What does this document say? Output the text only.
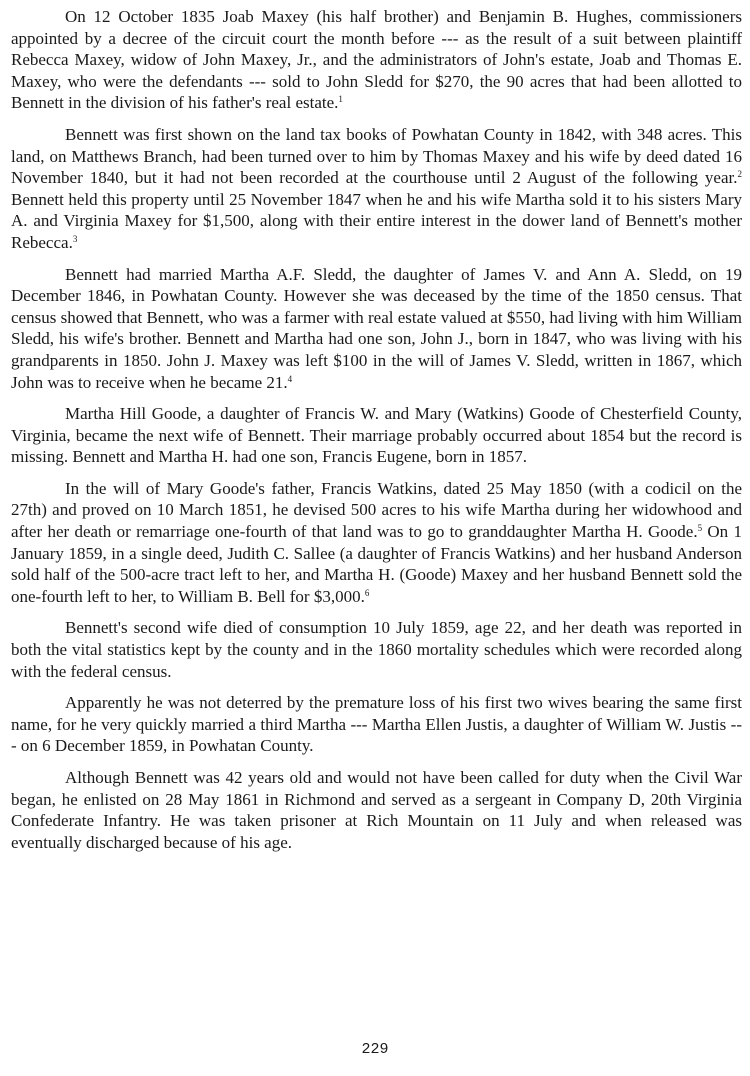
On 12 October 1835 Joab Maxey (his half brother) and Benjamin B. Hughes, commissioners appointed by a decree of the circuit court the month before --- as the result of a suit between plaintiff Rebecca Maxey, widow of John Maxey, Jr., and the administrators of John's estate, Joab and Thomas E. Maxey, who were the defendants --- sold to John Sledd for $270, the 90 acres that had been allotted to Bennett in the division of his father's real estate.$^1$

Bennett was first shown on the land tax books of Powhatan County in 1842, with 348 acres. This land, on Matthews Branch, had been turned over to him by Thomas Maxey and his wife by deed dated 16 November 1840, but it had not been recorded at the courthouse until 2 August of the following year.$^2$ Bennett held this property until 25 November 1847 when he and his wife Martha sold it to his sisters Mary A. and Virginia Maxey for $1,500, along with their entire interest in the dower land of Bennett's mother Rebecca.$^3$

Bennett had married Martha A.F. Sledd, the daughter of James V. and Ann A. Sledd, on 19 December 1846, in Powhatan County. However she was deceased by the time of the 1850 census. That census showed that Bennett, who was a farmer with real estate valued at $550, had living with him William Sledd, his wife's brother. Bennett and Martha had one son, John J., born in 1847, who was living with his grandparents in 1850. John J. Maxey was left $100 in the will of James V. Sledd, written in 1867, which John was to receive when he became 21.$^4$

Martha Hill Goode, a daughter of Francis W. and Mary (Watkins) Goode of Chesterfield County, Virginia, became the next wife of Bennett. Their marriage probably occurred about 1854 but the record is missing. Bennett and Martha H. had one son, Francis Eugene, born in 1857.

In the will of Mary Goode's father, Francis Watkins, dated 25 May 1850 (with a codicil on the 27th) and proved on 10 March 1851, he devised 500 acres to his wife Martha during her widowhood and after her death or remarriage one-fourth of that land was to go to granddaughter Martha H. Goode.$^5$ On 1 January 1859, in a single deed, Judith C. Sallee (a daughter of Francis Watkins) and her husband Anderson sold half of the 500-acre tract left to her, and Martha H. (Goode) Maxey and her husband Bennett sold the one-fourth left to her, to William B. Bell for $3,000.$^6$

Bennett's second wife died of consumption 10 July 1859, age 22, and her death was reported in both the vital statistics kept by the county and in the 1860 mortality schedules which were recorded along with the federal census.

Apparently he was not deterred by the premature loss of his first two wives bearing the same first name, for he very quickly married a third Martha --- Martha Ellen Justis, a daughter of William W. Justis --- on 6 December 1859, in Powhatan County.

Although Bennett was 42 years old and would not have been called for duty when the Civil War began, he enlisted on 28 May 1861 in Richmond and served as a sergeant in Company D, 20th Virginia Confederate Infantry. He was taken prisoner at Rich Mountain on 11 July and when released was eventually discharged because of his age.

229
